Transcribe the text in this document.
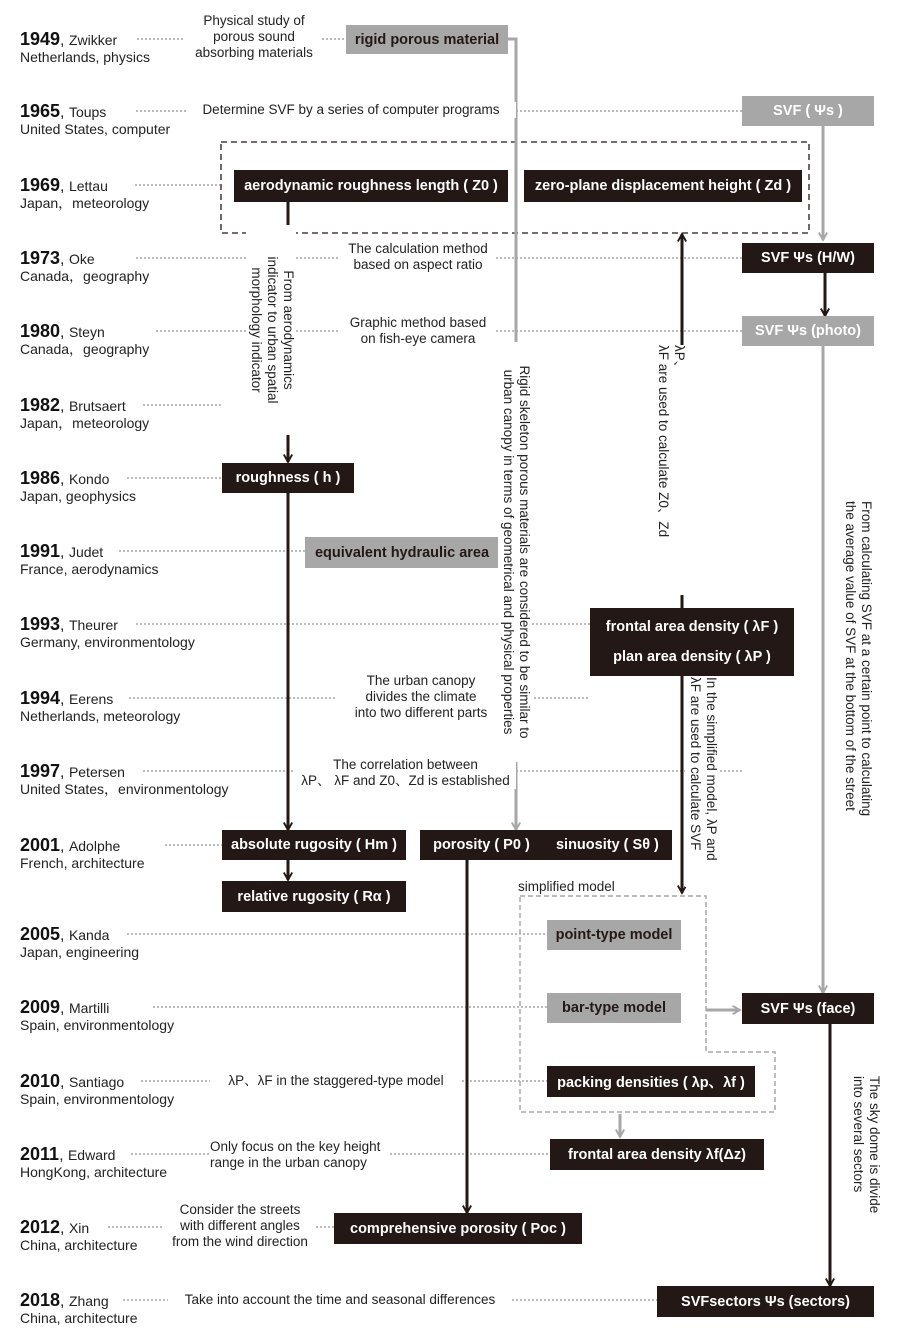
1949, Zwikker
Netherlands, physics
1965, Toups
United States, computer
1969, Lettau
Japan，meteorology
1973, Oke
Canada，geography
1980, Steyn
Canada，geography
1982, Brutsaert
Japan，meteorology
1986, Kondo
Japan, geophysics
1991, Judet
France, aerodynamics
1993, Theurer
Germany, environmentology
1994, Eerens
Netherlands, meteorology
1997, Petersen
United States，environmentology
2001, Adolphe
French, architecture
2005, Kanda
Japan, engineering
2009, Martilli
Spain, environmentology
2010, Santiago
Spain, environmentology
2011, Edward
HongKong, architecture
2012, Xin
China, architecture
2018, Zhang
China, architecture
Physical study of
porous sound
absorbing materials
Determine SVF by a series of computer programs
The calculation method
based on aspect ratio
Graphic method based
on fish-eye camera
The urban canopy
divides the climate
into two different parts
The correlation between
λP、 λF and Z0、Zd is established
λP、λF in the staggered-type model
Only focus on the key height
range in the urban canopy
Consider the streets
with different angles
from the wind direction
Take into account the time and seasonal differences
rigid porous material
SVF ( Ψs )
aerodynamic roughness length ( Z0 )	zero-plane displacement height ( Zd )
SVF Ψs (H/W)
SVF Ψs (photo)
roughness ( h )
equivalent hydraulic area
frontal area density ( λF )
plan area density ( λP )
absolute rugosity ( Hm )	porosity ( P0 ) sinuosity ( Sθ )
relative rugosity ( Rα )
point-type model
bar-type model	SVF Ψs (face)
packing densities ( λp、λf )
frontal area density λf(Δz)
comprehensive porosity ( Poc )
SVFsectors Ψs (sectors)
simplified model
From aerodynamics
indicator to urban spatial
morphology indicator	Rigid skeleton porous materials are considered to be similar to
urban canopy in terms of geometrical and physical properties
λP、
λF are used to calculate Z0、Zd
In the simplified model, λP and
λF are used to calculate SVF
From calculating SVF at a certain point to calculating
the average value of SVF at the bottom of the street
The sky dome is divide
into several sectors
